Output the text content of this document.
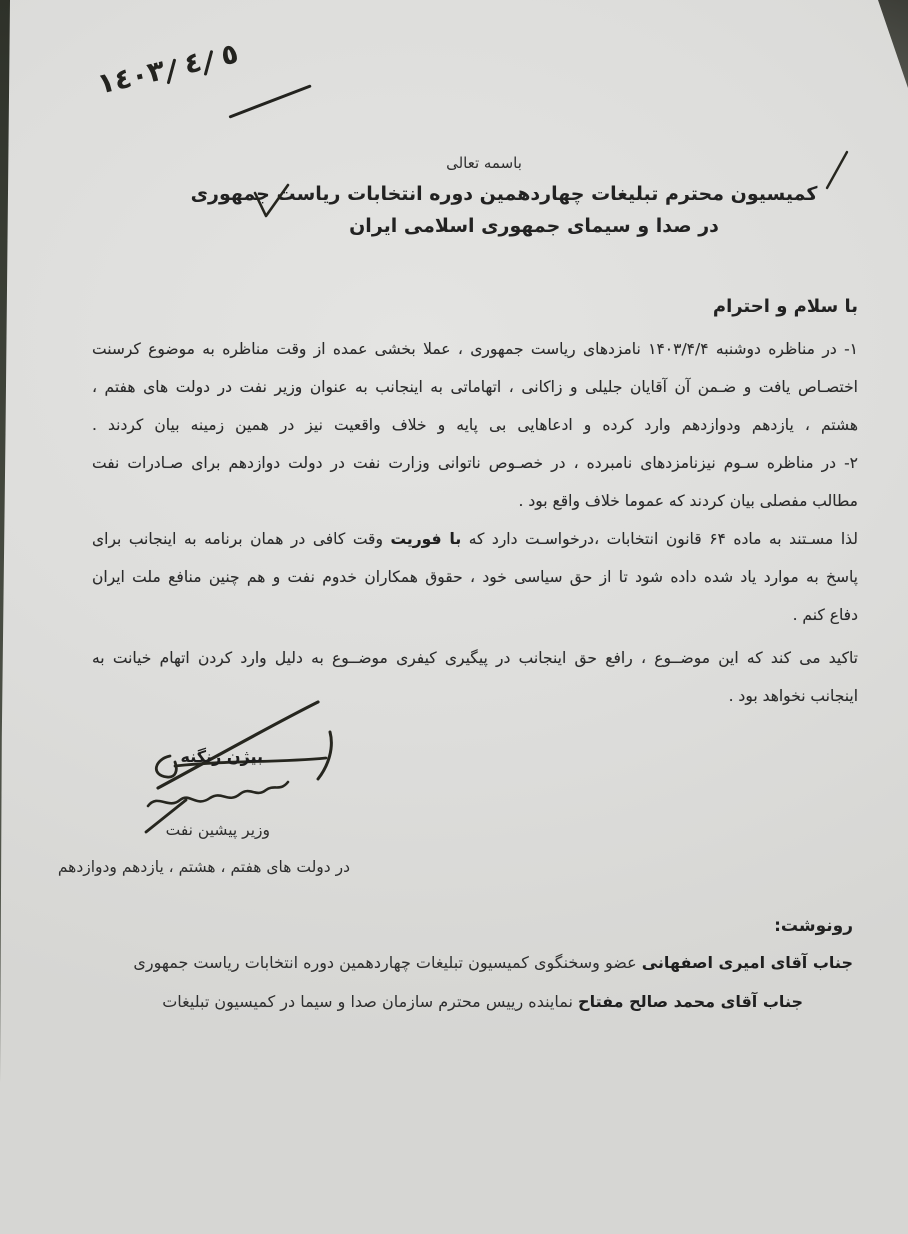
١٤٠٣ ٤ ٥
باسمه تعالی
کمیسیون محترم تبلیغات چهاردهمین دوره انتخابات ریاست جمهوری
در صدا و سیمای جمهوری اسلامی ایران
با سلام و احترام
۱- در مناظره دوشنبه ۱۴۰۳/۴/۴ نامزدهای ریاست جمهوری ، عملا بخشی عمده از وقت مناظره به موضوع کرسنت
اختصـاص یافت و ضـمن آن آقایان جلیلی و زاکانی ، اتهاماتی به اینجانب به عنوان وزیر نفت در دولت های هفتم ،
هشتم ، یازدهم ودوازدهم وارد کرده و ادعاهایی بی پایه و خلاف واقعیت نیز در همین زمینه بیان کردند .
۲- در مناظره سـوم نیزنامزدهای نامبرده ، در خصـوص ناتوانی وزارت نفت در دولت دوازدهم برای صـادرات نفت
مطالب مفصلی بیان کردند که عموما خلاف واقع بود .
لذا مسـتند به ماده ۶۴ قانون انتخابات ،درخواسـت دارد که با فوریت وقت کافی در همان برنامه به اینجانب برای
پاسخ به موارد یاد شده داده شود تا از حق سیاسی خود ، حقوق همکاران خدوم نفت و هم چنین منافع ملت ایران
دفاع کنم .
تاکید می کند که این موضــوع ، رافع حق اینجانب در پیگیری کیفری موضــوع به دلیل وارد کردن اتهام خیانت به
اینجانب نخواهد بود .
بیژن زنگنه
وزیر پیشین نفت
در دولت های هفتم ، هشتم ، یازدهم ودوازدهم
رونوشت:
جناب آقای امیری اصفهانی عضو وسخنگوی کمیسیون تبلیغات چهاردهمین دوره انتخابات ریاست جمهوری
جناب آقای محمد صالح مفتاح نماینده رییس محترم سازمان صدا و سیما در کمیسیون تبلیغات
